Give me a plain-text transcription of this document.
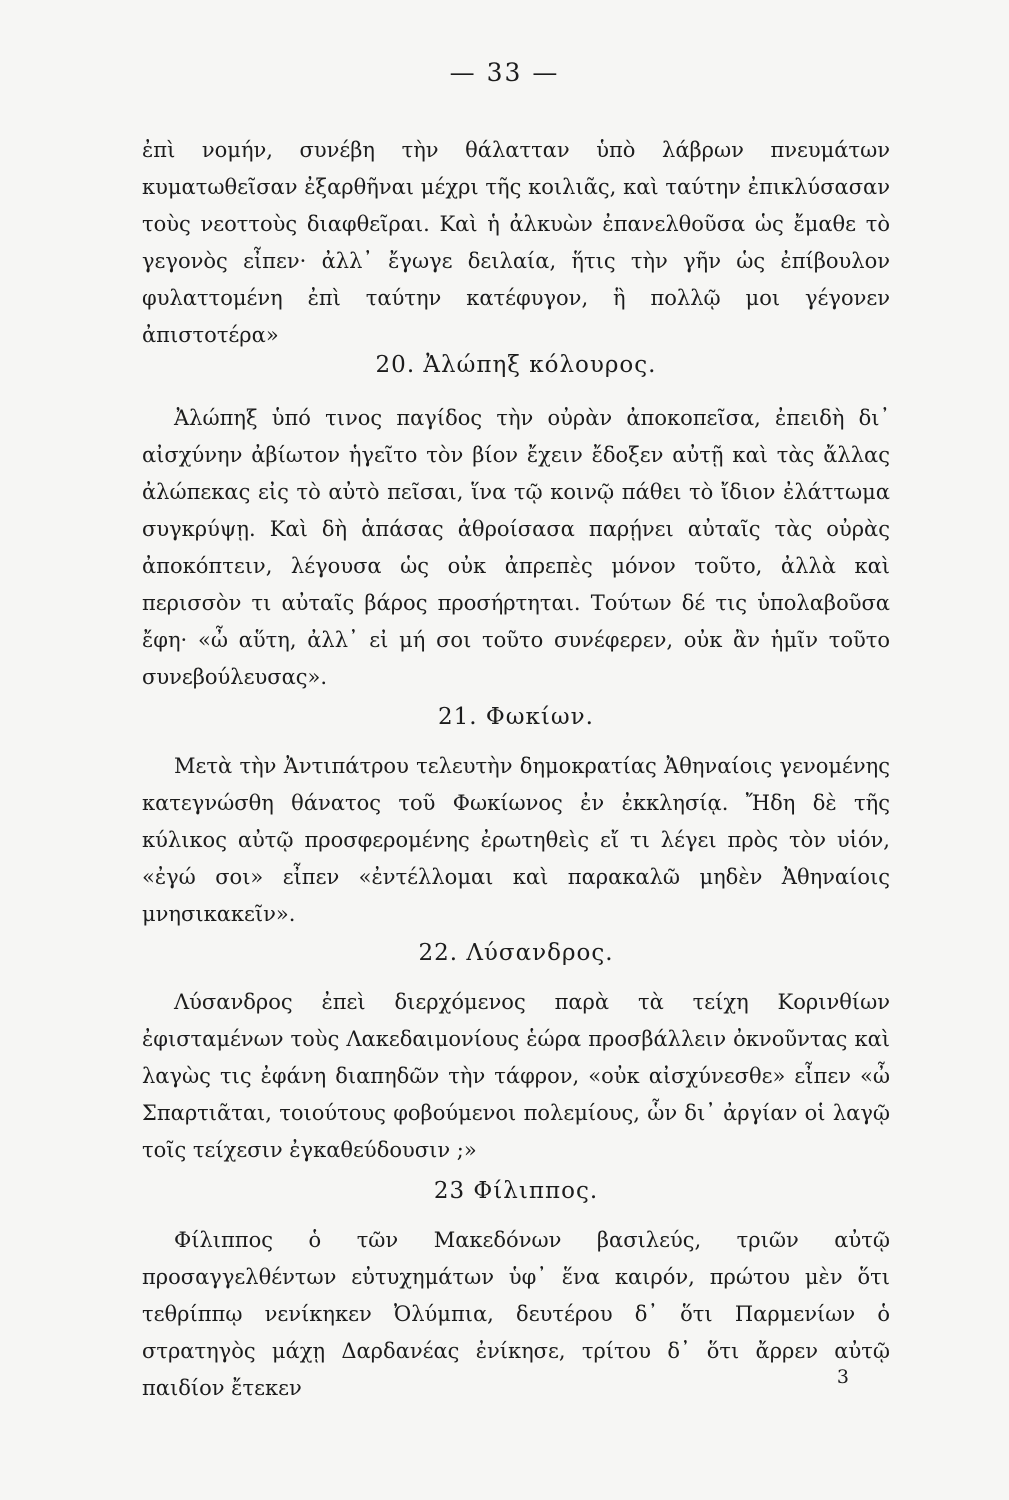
— 33 —

ἐπὶ νομήν, συνέβη τὴν θάλατταν ὑπὸ λάβρων πνευμάτων κυματωθεῖσαν ἐξαρθῆναι μέχρι τῆς κοιλιᾶς, καὶ ταύτην ἐπικλύσασαν τοὺς νεοττοὺς διαφθεῖραι. Καὶ ἡ ἀλκυὼν ἐπανελθοῦσα ὡς ἔμαθε τὸ γεγονὸς εἶπεν· ἀλλ᾽ ἔγωγε δειλαία, ἥτις τὴν γῆν ὡς ἐπίβουλον φυλαττομένη ἐπὶ ταύτην κατέφυγον, ἣ πολλῷ μοι γέγονεν ἀπιστοτέρα»

20. Ἀλώπηξ κόλουρος.

Ἀλώπηξ ὑπό τινος παγίδος τὴν οὐρὰν ἀποκοπεῖσα, ἐπειδὴ δι᾽ αἰσχύνην ἀβίωτον ἡγεῖτο τὸν βίον ἔχειν ἔδοξεν αὐτῇ καὶ τὰς ἄλλας ἀλώπεκας εἰς τὸ αὐτὸ πεῖσαι, ἵνα τῷ κοινῷ πάθει τὸ ἴδιον ἐλάττωμα συγκρύψῃ. Καὶ δὴ ἁπάσας ἀθροίσασα παρῄνει αὐταῖς τὰς οὐρὰς ἀποκόπτειν, λέγουσα ὡς οὐκ ἀπρεπὲς μόνον τοῦτο, ἀλλὰ καὶ περισσὸν τι αὐταῖς βάρος προσήρτηται. Τούτων δέ τις ὑπολαβοῦσα ἔφη· «ὦ αὕτη, ἀλλ᾽ εἰ μή σοι τοῦτο συνέφερεν, οὐκ ἂν ἡμῖν τοῦτο συνεβούλευσας».

21. Φωκίων.

Μετὰ τὴν Ἀντιπάτρου τελευτὴν δημοκρατίας Ἀθηναίοις γενομένης κατεγνώσθη θάνατος τοῦ Φωκίωνος ἐν ἐκκλησίᾳ. Ἤδη δὲ τῆς κύλικος αὐτῷ προσφερομένης ἐρωτηθεὶς εἴ τι λέγει πρὸς τὸν υἱόν, «ἐγώ σοι» εἶπεν «ἐντέλλομαι καὶ παρακαλῶ μηδὲν Ἀθηναίοις μνησικακεῖν».

22. Λύσανδρος.

Λύσανδρος ἐπεὶ διερχόμενος παρὰ τὰ τείχη Κορινθίων ἐφισταμένων τοὺς Λακεδαιμονίους ἑώρα προσβάλλειν ὀκνοῦντας καὶ λαγὼς τις ἐφάνη διαπηδῶν τὴν τάφρον, «οὐκ αἰσχύνεσθε» εἶπεν «ὦ Σπαρτιᾶται, τοιούτους φοβούμενοι πολεμίους, ὧν δι᾽ ἀργίαν οἱ λαγῷ τοῖς τείχεσιν ἐγκαθεύδουσιν ;»

23 Φίλιππος.

Φίλιππος ὁ τῶν Μακεδόνων βασιλεύς, τριῶν αὐτῷ προσαγγελθέντων εὐτυχημάτων ὑφ᾽ ἕνα καιρόν, πρώτου μὲν ὅτι τεθρίππῳ νενίκηκεν Ὀλύμπια, δευτέρου δ᾽ ὅτι Παρμενίων ὁ στρατηγὸς μάχῃ Δαρδανέας ἐνίκησε, τρίτου δ᾽ ὅτι ἄρρεν αὐτῷ παιδίον ἔτεκεν	3
